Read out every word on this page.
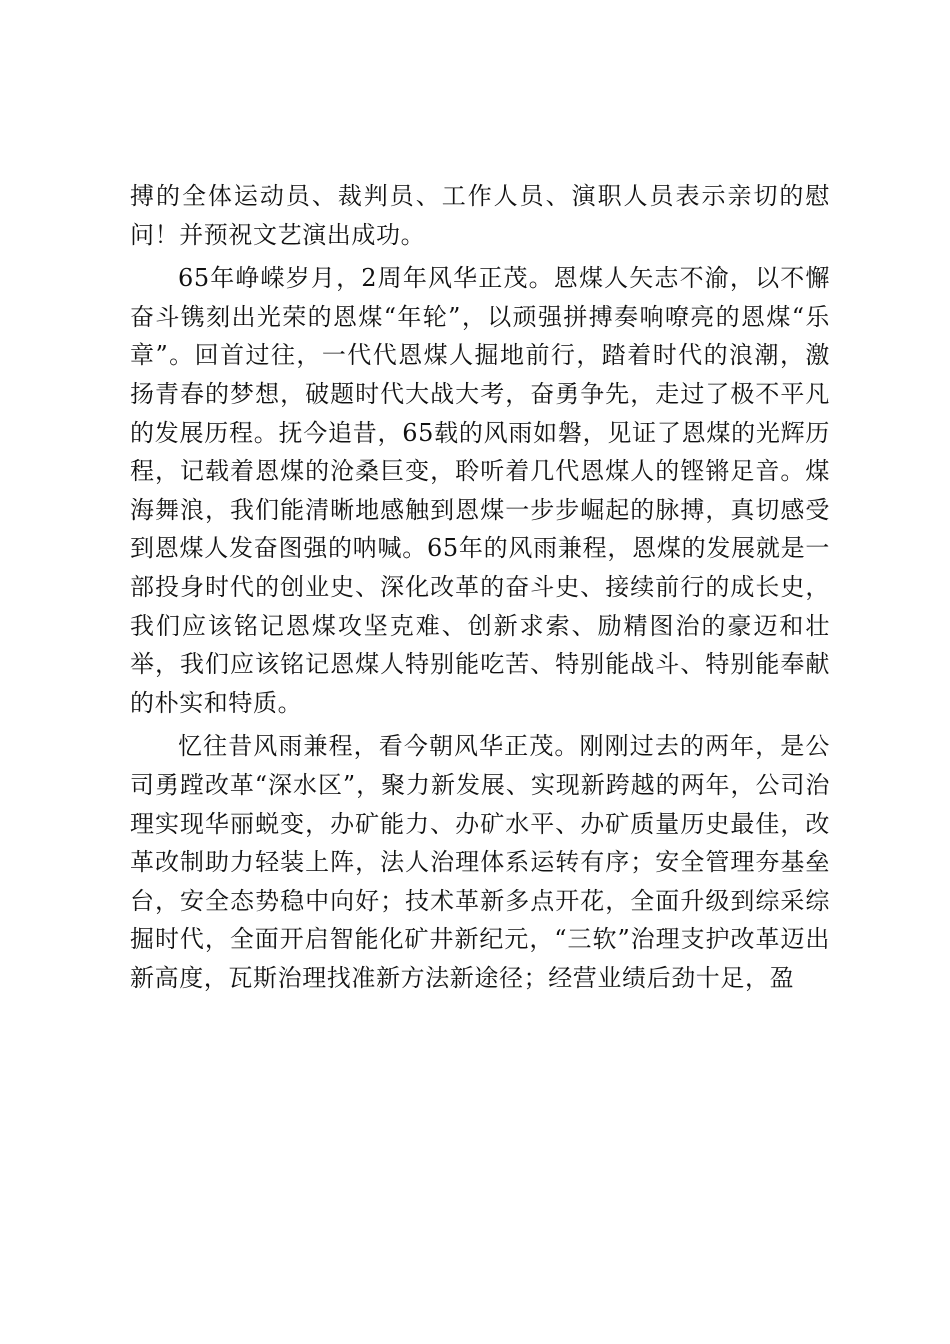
搏的全体运动员、裁判员、工作人员、演职人员表示亲切的慰问！并预祝文艺演出成功。

65年峥嵘岁月，2周年风华正茂。恩煤人矢志不渝，以不懈奋斗镌刻出光荣的恩煤“年轮”，以顽强拼搏奏响嘹亮的恩煤“乐章”。回首过往，一代代恩煤人掘地前行，踏着时代的浪潮，激扬青春的梦想，破题时代大战大考，奋勇争先，走过了极不平凡的发展历程。抚今追昔，65载的风雨如磐，见证了恩煤的光辉历程，记载着恩煤的沧桑巨变，聆听着几代恩煤人的铿锵足音。煤海舞浪，我们能清晰地感触到恩煤一步步崛起的脉搏，真切感受到恩煤人发奋图强的呐喊。65年的风雨兼程，恩煤的发展就是一部投身时代的创业史、深化改革的奋斗史、接续前行的成长史，我们应该铭记恩煤攻坚克难、创新求索、励精图治的豪迈和壮举，我们应该铭记恩煤人特别能吃苦、特别能战斗、特别能奉献的朴实和特质。

忆往昔风雨兼程，看今朝风华正茂。刚刚过去的两年，是公司勇蹚改革“深水区”，聚力新发展、实现新跨越的两年，公司治理实现华丽蜕变，办矿能力、办矿水平、办矿质量历史最佳，改革改制助力轻装上阵，法人治理体系运转有序；安全管理夯基垒台，安全态势稳中向好；技术革新多点开花，全面升级到综采综掘时代，全面开启智能化矿井新纪元，“三软”治理支护改革迈出新高度，瓦斯治理找准新方法新途径；经营业绩后劲十足，盈
